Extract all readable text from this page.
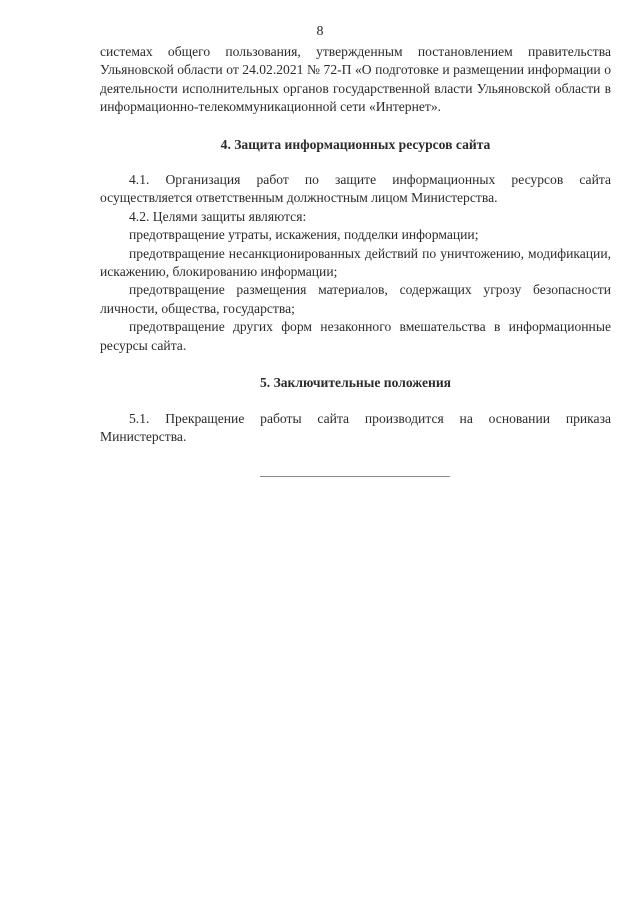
8

системах общего пользования, утвержденным постановлением правительства Ульяновской области от 24.02.2021 № 72-П «О подготовке и размещении информации о деятельности исполнительных органов государственной власти Ульяновской области в информационно-телекоммуникационной сети «Интернет».

4. Защита информационных ресурсов сайта

4.1. Организация работ по защите информационных ресурсов сайта осуществляется ответственным должностным лицом Министерства.

4.2. Целями защиты являются:

предотвращение утраты, искажения, подделки информации;

предотвращение несанкционированных действий по уничтожению, модификации, искажению, блокированию информации;

предотвращение размещения материалов, содержащих угрозу безопасности личности, общества, государства;

предотвращение других форм незаконного вмешательства в информационные ресурсы сайта.

5. Заключительные положения

5.1. Прекращение работы сайта производится на основании приказа Министерства.
